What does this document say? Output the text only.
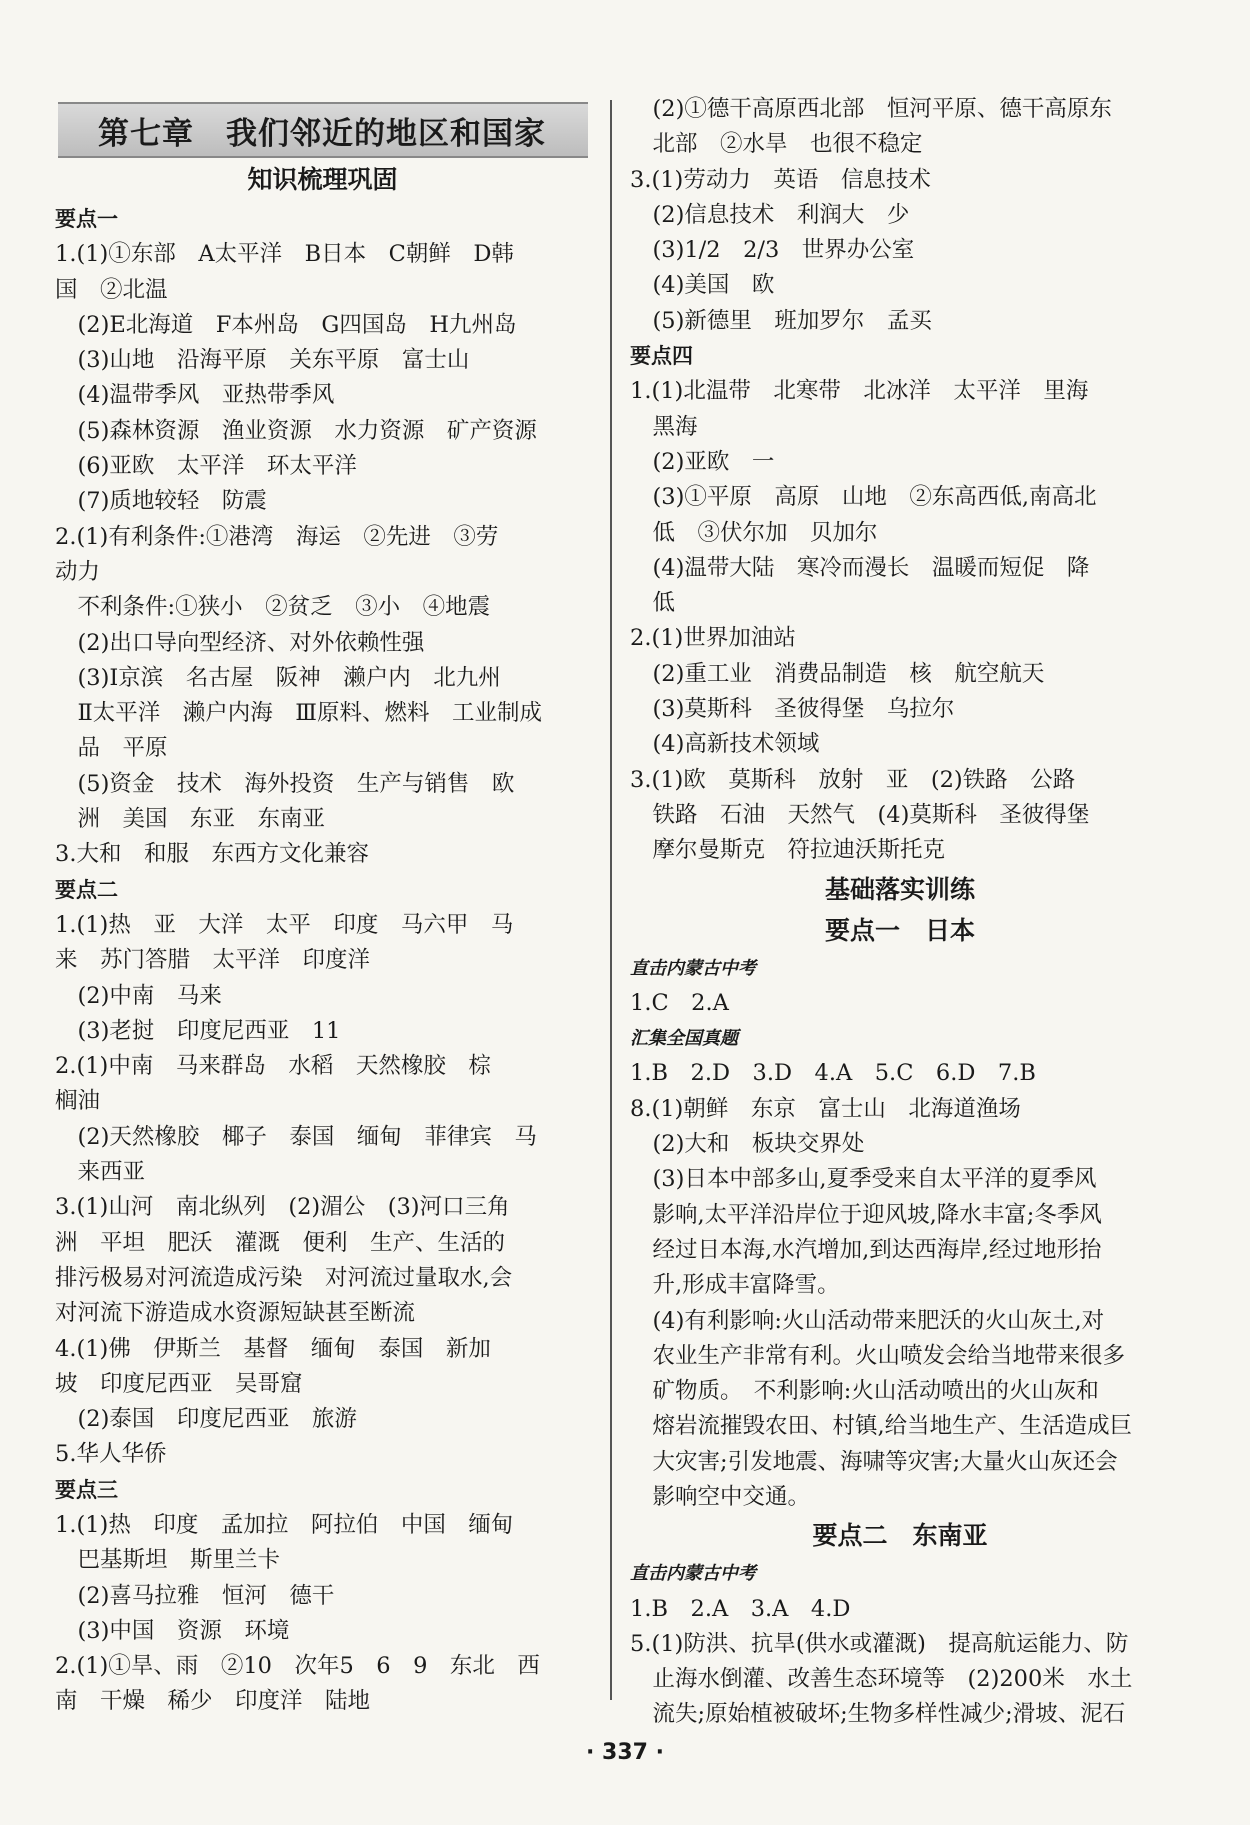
第七章　我们邻近的地区和国家

知识梳理巩固

要点一

1.(1)①东部　A太平洋　B日本　C朝鲜　D韩

国　②北温

　(2)E北海道　F本州岛　G四国岛　H九州岛

　(3)山地　沿海平原　关东平原　富士山

　(4)温带季风　亚热带季风

　(5)森林资源　渔业资源　水力资源　矿产资源

　(6)亚欧　太平洋　环太平洋

　(7)质地较轻　防震

2.(1)有利条件:①港湾　海运　②先进　③劳

动力

　不利条件:①狭小　②贫乏　③小　④地震

　(2)出口导向型经济、对外依赖性强

　(3)Ⅰ京滨　名古屋　阪神　濑户内　北九州

　Ⅱ太平洋　濑户内海　Ⅲ原料、燃料　工业制成

　品　平原

　(5)资金　技术　海外投资　生产与销售　欧

　洲　美国　东亚　东南亚

3.大和　和服　东西方文化兼容

要点二

1.(1)热　亚　大洋　太平　印度　马六甲　马

来　苏门答腊　太平洋　印度洋

　(2)中南　马来

　(3)老挝　印度尼西亚　11

2.(1)中南　马来群岛　水稻　天然橡胶　棕

榈油

　(2)天然橡胶　椰子　泰国　缅甸　菲律宾　马

　来西亚

3.(1)山河　南北纵列　(2)湄公　(3)河口三角

洲　平坦　肥沃　灌溉　便利　生产、生活的

排污极易对河流造成污染　对河流过量取水,会

对河流下游造成水资源短缺甚至断流

4.(1)佛　伊斯兰　基督　缅甸　泰国　新加

坡　印度尼西亚　吴哥窟

　(2)泰国　印度尼西亚　旅游

5.华人华侨

要点三

1.(1)热　印度　孟加拉　阿拉伯　中国　缅甸

　巴基斯坦　斯里兰卡

　(2)喜马拉雅　恒河　德干

　(3)中国　资源　环境

2.(1)①旱、雨　②10　次年5　6　9　东北　西

南　干燥　稀少　印度洋　陆地

　(2)①德干高原西北部　恒河平原、德干高原东

　北部　②水旱　也很不稳定

3.(1)劳动力　英语　信息技术

　(2)信息技术　利润大　少

　(3)1/2　2/3　世界办公室

　(4)美国　欧

　(5)新德里　班加罗尔　孟买

要点四

1.(1)北温带　北寒带　北冰洋　太平洋　里海

　黑海

　(2)亚欧　一

　(3)①平原　高原　山地　②东高西低,南高北

　低　③伏尔加　贝加尔

　(4)温带大陆　寒冷而漫长　温暖而短促　降

　低

2.(1)世界加油站

　(2)重工业　消费品制造　核　航空航天

　(3)莫斯科　圣彼得堡　乌拉尔

　(4)高新技术领域

3.(1)欧　莫斯科　放射　亚　(2)铁路　公路

　铁路　石油　天然气　(4)莫斯科　圣彼得堡

　摩尔曼斯克　符拉迪沃斯托克

基础落实训练

要点一　日本

直击内蒙古中考

1.C　2.A

汇集全国真题

1.B　2.D　3.D　4.A　5.C　6.D　7.B

8.(1)朝鲜　东京　富士山　北海道渔场

　(2)大和　板块交界处

　(3)日本中部多山,夏季受来自太平洋的夏季风

　影响,太平洋沿岸位于迎风坡,降水丰富;冬季风

　经过日本海,水汽增加,到达西海岸,经过地形抬

　升,形成丰富降雪。

　(4)有利影响:火山活动带来肥沃的火山灰土,对

　农业生产非常有利。火山喷发会给当地带来很多

　矿物质。　不利影响:火山活动喷出的火山灰和

　熔岩流摧毁农田、村镇,给当地生产、生活造成巨

　大灾害;引发地震、海啸等灾害;大量火山灰还会

　影响空中交通。

要点二　东南亚

直击内蒙古中考

1.B　2.A　3.A　4.D

5.(1)防洪、抗旱(供水或灌溉)　提高航运能力、防

　止海水倒灌、改善生态环境等　(2)200米　水土

　流失;原始植被破坏;生物多样性减少;滑坡、泥石

· 337 ·
